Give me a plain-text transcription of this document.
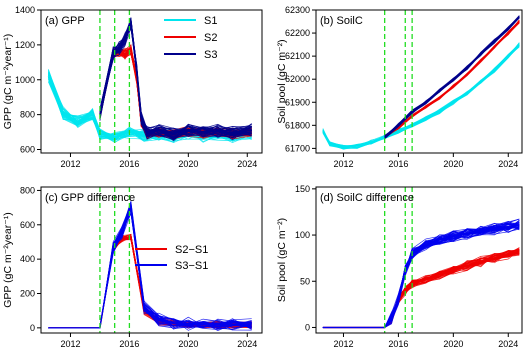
2012	2016	2020	2024
600
800
1000
1200
1400
GPP (gC m⁻²year⁻¹)
(a) GPP	S1
S2
S3
2012	2016	2020	2024
61700
61800
61900
62000
62100
62200
62300
Soil pool (gC m⁻²)
(b) SoilC
2012	2016	2020	2024
0
200
400
600
800
GPP (gC m⁻²year⁻¹)
(c) GPP difference
S2−S1
S3−S1
2012	2016	2020	2024
0
50
100
150
Soil pool (gC m⁻²)
(d) SoilC difference
